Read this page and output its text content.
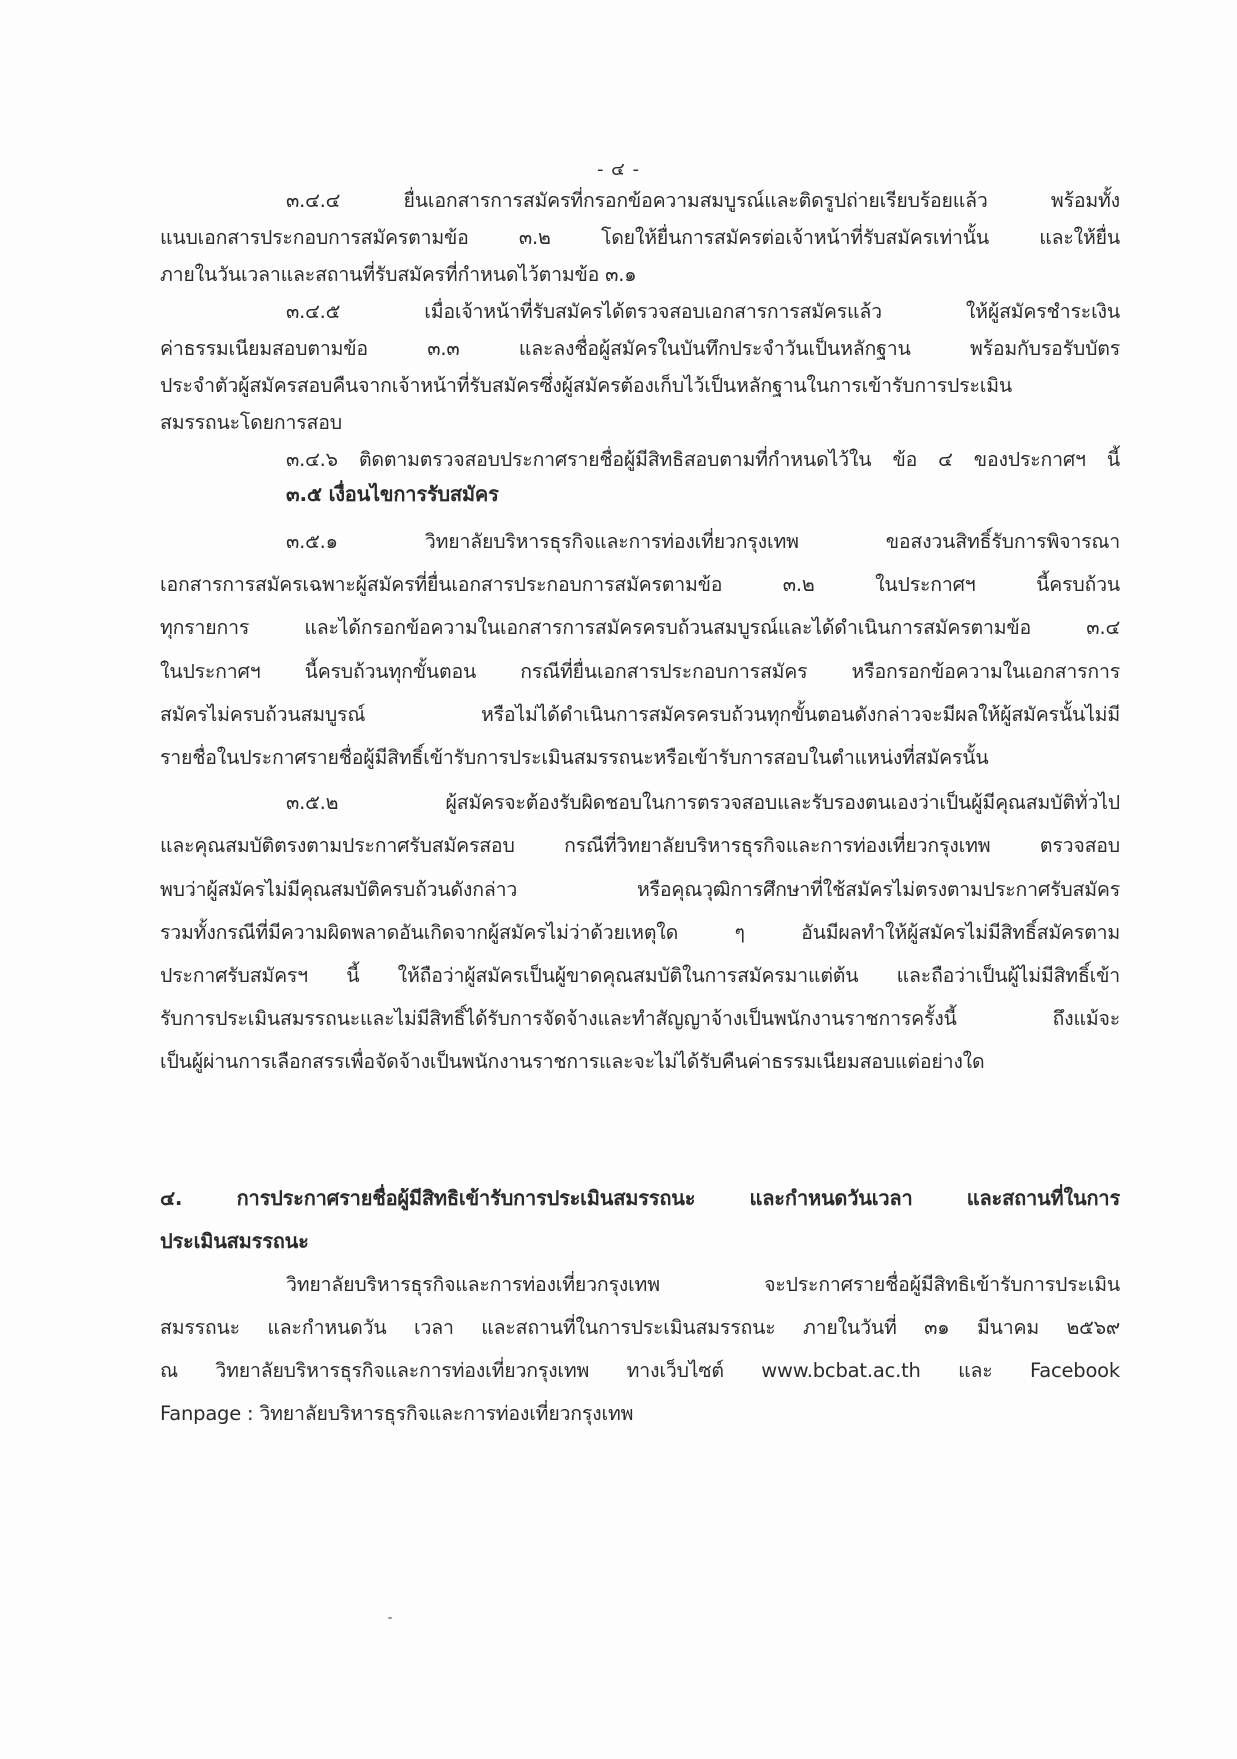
- ๔ -
๓.๔.๔ ยื่นเอกสารการสมัครที่กรอกข้อความสมบูรณ์และติดรูปถ่ายเรียบร้อยแล้ว พร้อมทั้ง
แนบเอกสารประกอบการสมัครตามข้อ ๓.๒ โดยให้ยื่นการสมัครต่อเจ้าหน้าที่รับสมัครเท่านั้น และให้ยื่น
ภายในวันเวลาและสถานที่รับสมัครที่กำหนดไว้ตามข้อ ๓.๑
๓.๔.๕ เมื่อเจ้าหน้าที่รับสมัครได้ตรวจสอบเอกสารการสมัครแล้ว ให้ผู้สมัครชำระเงิน
ค่าธรรมเนียมสอบตามข้อ ๓.๓ และลงชื่อผู้สมัครในบันทึกประจำวันเป็นหลักฐาน พร้อมกับรอรับบัตร
ประจำตัวผู้สมัครสอบคืนจากเจ้าหน้าที่รับสมัครซึ่งผู้สมัครต้องเก็บไว้เป็นหลักฐานในการเข้ารับการประเมิน
สมรรถนะโดยการสอบ
๓.๔.๖ ติดตามตรวจสอบประกาศรายชื่อผู้มีสิทธิสอบตามที่กำหนดไว้ใน ข้อ ๔ ของประกาศฯ นี้
๓.๕ เงื่อนไขการรับสมัคร
๓.๕.๑ วิทยาลัยบริหารธุรกิจและการท่องเที่ยวกรุงเทพ ขอสงวนสิทธิ์รับการพิจารณา
เอกสารการสมัครเฉพาะผู้สมัครที่ยื่นเอกสารประกอบการสมัครตามข้อ ๓.๒ ในประกาศฯ นี้ครบถ้วน
ทุกรายการ และได้กรอกข้อความในเอกสารการสมัครครบถ้วนสมบูรณ์และได้ดำเนินการสมัครตามข้อ ๓.๔
ในประกาศฯ นี้ครบถ้วนทุกขั้นตอน กรณีที่ยื่นเอกสารประกอบการสมัคร หรือกรอกข้อความในเอกสารการ
สมัครไม่ครบถ้วนสมบูรณ์ หรือไม่ได้ดำเนินการสมัครครบถ้วนทุกขั้นตอนดังกล่าวจะมีผลให้ผู้สมัครนั้นไม่มี
รายชื่อในประกาศรายชื่อผู้มีสิทธิ์เข้ารับการประเมินสมรรถนะหรือเข้ารับการสอบในตำแหน่งที่สมัครนั้น
๓.๕.๒ ผู้สมัครจะต้องรับผิดชอบในการตรวจสอบและรับรองตนเองว่าเป็นผู้มีคุณสมบัติทั่วไป
และคุณสมบัติตรงตามประกาศรับสมัครสอบ กรณีที่วิทยาลัยบริหารธุรกิจและการท่องเที่ยวกรุงเทพ ตรวจสอบ
พบว่าผู้สมัครไม่มีคุณสมบัติครบถ้วนดังกล่าว หรือคุณวุฒิการศึกษาที่ใช้สมัครไม่ตรงตามประกาศรับสมัคร
รวมทั้งกรณีที่มีความผิดพลาดอันเกิดจากผู้สมัครไม่ว่าด้วยเหตุใด ๆ อันมีผลทำให้ผู้สมัครไม่มีสิทธิ์สมัครตาม
ประกาศรับสมัครฯ นี้ ให้ถือว่าผู้สมัครเป็นผู้ขาดคุณสมบัติในการสมัครมาแต่ต้น และถือว่าเป็นผู้ไม่มีสิทธิ์เข้า
รับการประเมินสมรรถนะและไม่มีสิทธิ์ได้รับการจัดจ้างและทำสัญญาจ้างเป็นพนักงานราชการครั้งนี้ ถึงแม้จะ
เป็นผู้ผ่านการเลือกสรรเพื่อจัดจ้างเป็นพนักงานราชการและจะไม่ได้รับคืนค่าธรรมเนียมสอบแต่อย่างใด
๔. การประกาศรายชื่อผู้มีสิทธิเข้ารับการประเมินสมรรถนะ และกำหนดวันเวลา และสถานที่ในการ
ประเมินสมรรถนะ
วิทยาลัยบริหารธุรกิจและการท่องเที่ยวกรุงเทพ จะประกาศรายชื่อผู้มีสิทธิเข้ารับการประเมิน
สมรรถนะ และกำหนดวัน เวลา และสถานที่ในการประเมินสมรรถนะ ภายในวันที่ ๓๑ มีนาคม ๒๕๖๙
ณ วิทยาลัยบริหารธุรกิจและการท่องเที่ยวกรุงเทพ ทางเว็บไซต์ www.bcbat.ac.th และ Facebook
Fanpage : วิทยาลัยบริหารธุรกิจและการท่องเที่ยวกรุงเทพ
